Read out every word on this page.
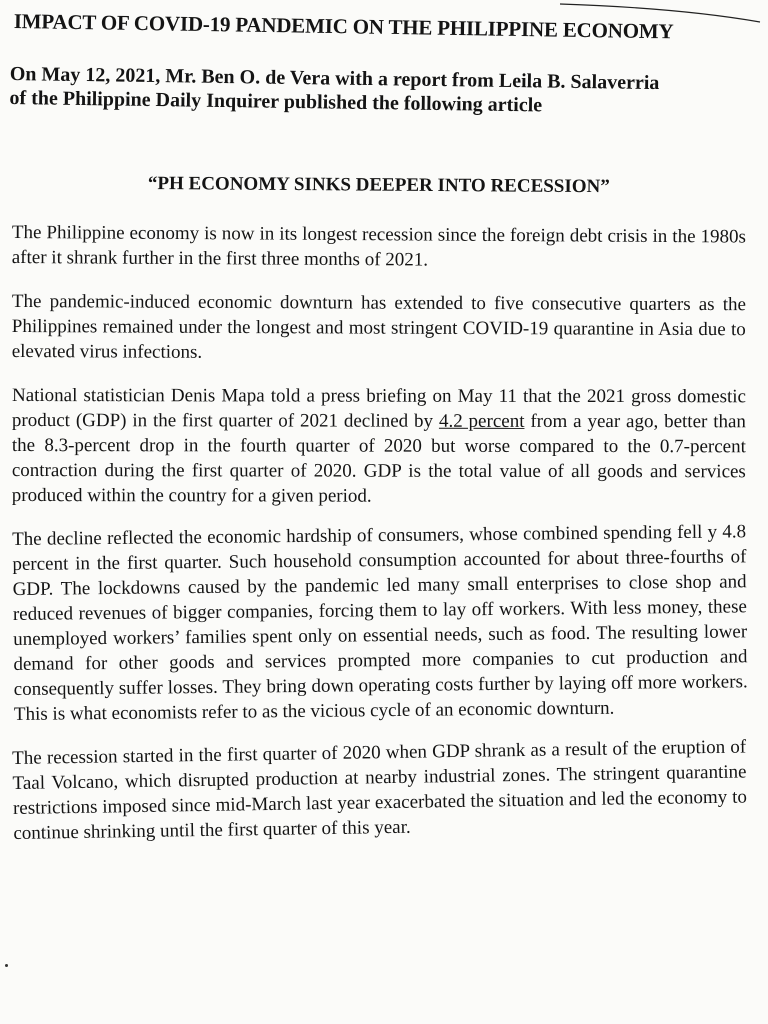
IMPACT OF COVID-19 PANDEMIC ON THE PHILIPPINE ECONOMY
On May 12, 2021, Mr. Ben O. de Vera with a report from Leila B. Salaverria
of the Philippine Daily Inquirer published the following article
“PH ECONOMY SINKS DEEPER INTO RECESSION”

The Philippine economy is now in its longest recession since the foreign debt crisis in the 1980s after it shrank further in the first three months of 2021.

The pandemic-induced economic downturn has extended to five consecutive quarters as the Philippines remained under the longest and most stringent COVID-19 quarantine in Asia due to elevated virus infections.

National statistician Denis Mapa told a press briefing on May 11 that the 2021 gross domestic product (GDP) in the first quarter of 2021 declined by 4.2 percent from a year ago, better than the 8.3-percent drop in the fourth quarter of 2020 but worse compared to the 0.7-percent contraction during the first quarter of 2020. GDP is the total value of all goods and services produced within the country for a given period.

The decline reflected the economic hardship of consumers, whose combined spending fell y 4.8 percent in the first quarter. Such household consumption accounted for about three-fourths of GDP. The lockdowns caused by the pandemic led many small enterprises to close shop and reduced revenues of bigger companies, forcing them to lay off workers. With less money, these unemployed workers’ families spent only on essential needs, such as food. The resulting lower demand for other goods and services prompted more companies to cut production and consequently suffer losses. They bring down operating costs further by laying off more workers. This is what economists refer to as the vicious cycle of an economic downturn.

The recession started in the first quarter of 2020 when GDP shrank as a result of the eruption of Taal Volcano, which disrupted production at nearby industrial zones. The stringent quarantine restrictions imposed since mid-March last year exacerbated the situation and led the economy to continue shrinking until the first quarter of this year.
